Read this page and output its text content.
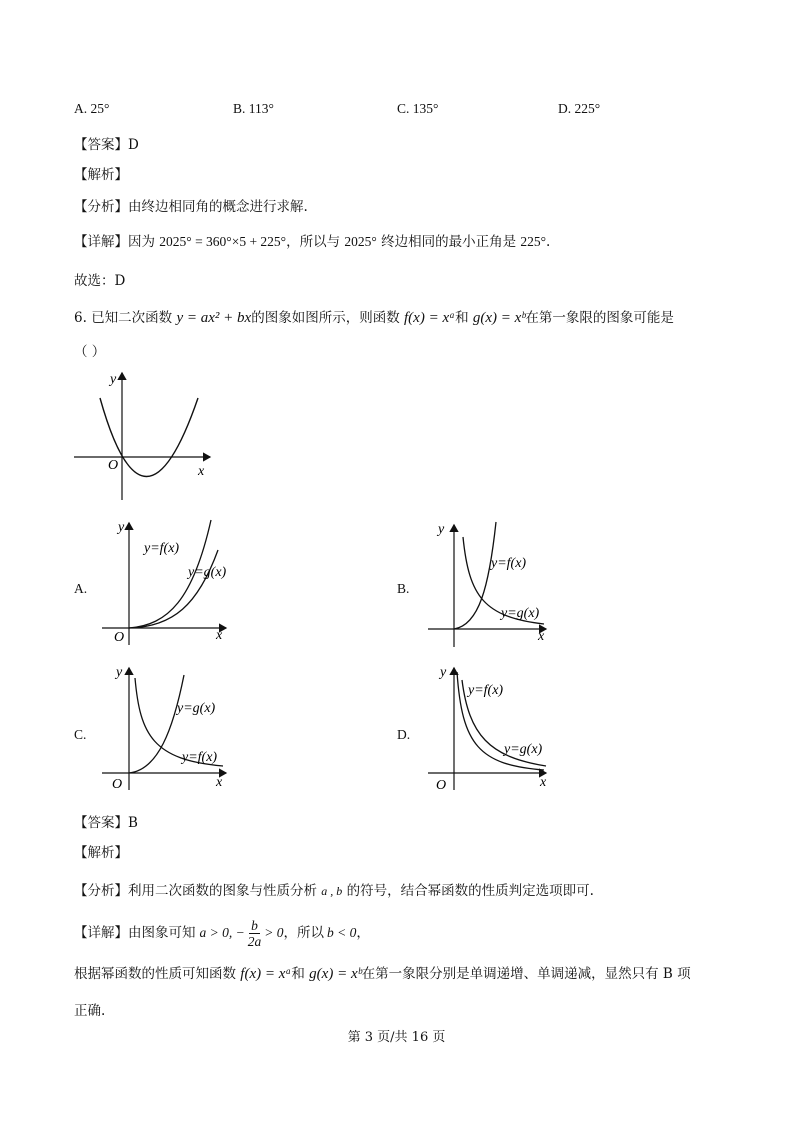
A. 25°	B. 113°	C. 135°	D. 225°
【答案】D
【解析】
【分析】由终边相同角的概念进行求解.
【详解】因为 2025° = 360°×5 + 225°，所以与 2025° 终边相同的最小正角是 225°.
故选：D
6. 已知二次函数 y = ax² + bx的图象如图所示，则函数 f(x) = xᵃ和 g(x) = xᵇ在第一象限的图象可能是
（ ）
y
x
O
A.
y
x
O
y=f(x)
y=g(x)
B.
y
x
y=f(x)
y=g(x)
C.
y
x
O
y=g(x)
y=f(x)
D.
y
x
O
y=f(x)
y=g(x)
【答案】B
【解析】
【分析】利用二次函数的图象与性质分析 a , b 的符号，结合幂函数的性质判定选项即可.
【详解】 由图象可知 a > 0, − $\frac{b}{2a} > 0$ ，所以 b < 0 ，
根据幂函数的性质可知函数 f(x) = xᵃ和 g(x) = xᵇ在第一象限分别是单调递增、单调递减，显然只有 B 项
正确.
第 3 页/共 16 页
